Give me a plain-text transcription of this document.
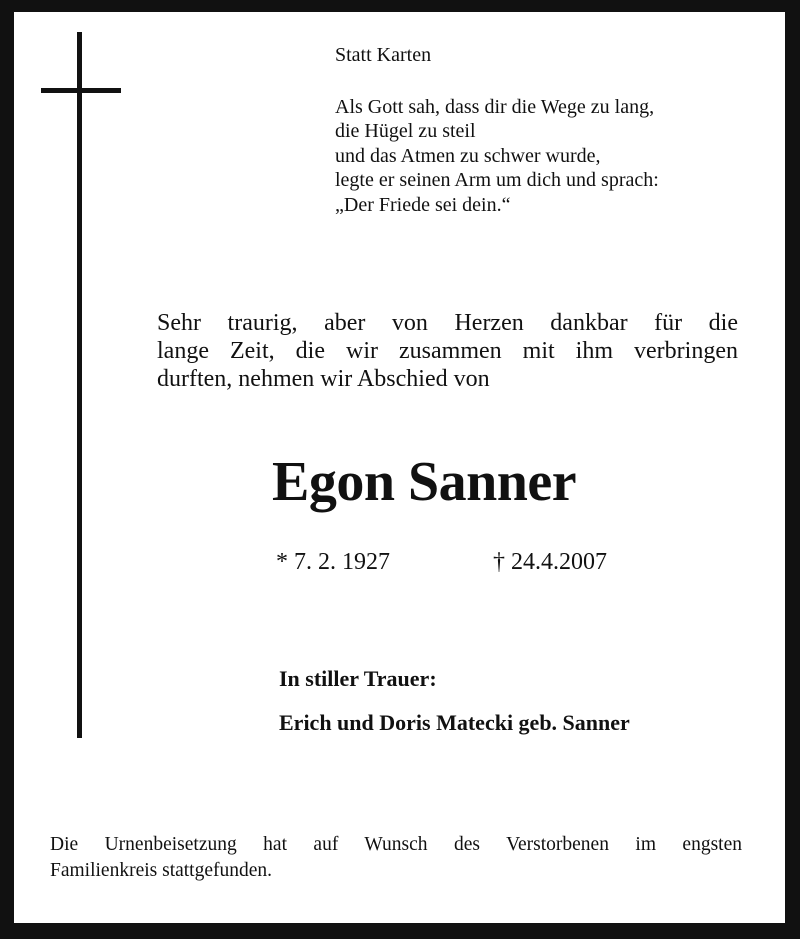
Statt Karten
Als Gott sah, dass dir die Wege zu lang,
die Hügel zu steil
und das Atmen zu schwer wurde,
legte er seinen Arm um dich und sprach:
„Der Friede sei dein.“
Sehr traurig, aber von Herzen dankbar für die
lange Zeit, die wir zusammen mit ihm verbringen
durften, nehmen wir Abschied von
Egon Sanner
* 7. 2. 1927	† 24.4.2007
In stiller Trauer:
Erich und Doris Matecki geb. Sanner
Die Urnenbeisetzung hat auf Wunsch des Verstorbenen im engsten
Familienkreis stattgefunden.
